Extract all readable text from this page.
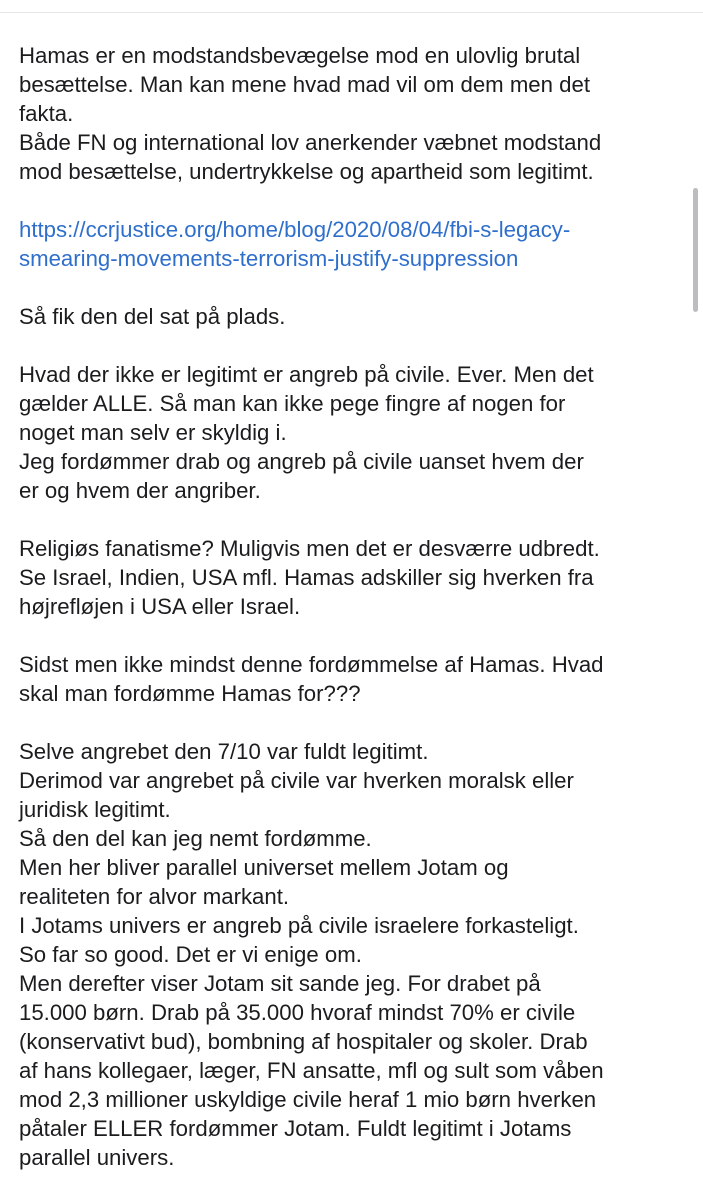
Hamas er en modstandsbevægelse mod en ulovlig brutal
besættelse. Man kan mene hvad mad vil om dem men det
fakta.
Både FN og international lov anerkender væbnet modstand
mod besættelse, undertrykkelse og apartheid som legitimt.
https://ccrjustice.org/home/blog/2020/08/04/fbi-s-legacy-
smearing-movements-terrorism-justify-suppression
Så fik den del sat på plads.
Hvad der ikke er legitimt er angreb på civile. Ever. Men det
gælder ALLE. Så man kan ikke pege fingre af nogen for
noget man selv er skyldig i.
Jeg fordømmer drab og angreb på civile uanset hvem der
er og hvem der angriber.
Religiøs fanatisme? Muligvis men det er desværre udbredt.
Se Israel, Indien, USA mfl. Hamas adskiller sig hverken fra
højrefløjen i USA eller Israel.
Sidst men ikke mindst denne fordømmelse af Hamas. Hvad
skal man fordømme Hamas for???
Selve angrebet den 7/10 var fuldt legitimt.
Derimod var angrebet på civile var hverken moralsk eller
juridisk legitimt.
Så den del kan jeg nemt fordømme.
Men her bliver parallel universet mellem Jotam og
realiteten for alvor markant.
I Jotams univers er angreb på civile israelere forkasteligt.
So far so good. Det er vi enige om.
Men derefter viser Jotam sit sande jeg. For drabet på
15.000 børn. Drab på 35.000 hvoraf mindst 70% er civile
(konservativt bud), bombning af hospitaler og skoler. Drab
af hans kollegaer, læger, FN ansatte, mfl og sult som våben
mod 2,3 millioner uskyldige civile heraf 1 mio børn hverken
påtaler ELLER fordømmer Jotam. Fuldt legitimt i Jotams
parallel univers.
